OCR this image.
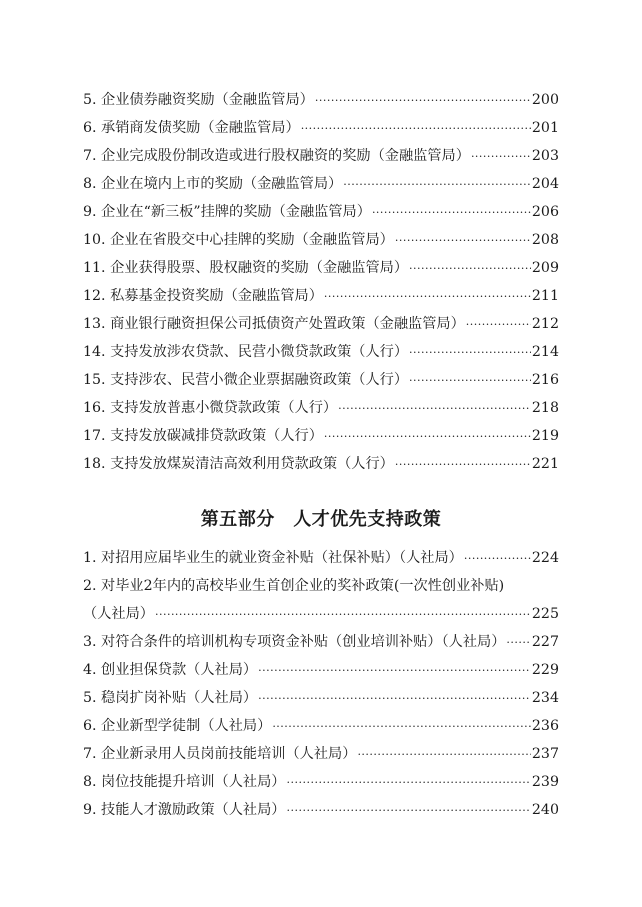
5. 企业债券融资奖励（金融监管局） .....	200
6. 承销商发债奖励（金融监管局） .....	201
7. 企业完成股份制改造或进行股权融资的奖励（金融监管局） .....	203
8. 企业在境内上市的奖励（金融监管局） .....	204
9. 企业在“新三板”挂牌的奖励（金融监管局） .....	206
10. 企业在省股交中心挂牌的奖励（金融监管局） .....	208
11. 企业获得股票、股权融资的奖励（金融监管局） .....	209
12. 私募基金投资奖励（金融监管局） .....	211
13. 商业银行融资担保公司抵债资产处置政策（金融监管局） .....	212
14. 支持发放涉农贷款、民营小微贷款政策（人行） .....	214
15. 支持涉农、民营小微企业票据融资政策（人行） .....	216
16. 支持发放普惠小微贷款政策（人行） .....	218
17. 支持发放碳减排贷款政策（人行） .....	219
18. 支持发放煤炭清洁高效利用贷款政策（人行） .....	221
第五部分　人才优先支持政策
1. 对招用应届毕业生的就业资金补贴（社保补贴）（人社局） .....	224
2. 对毕业2年内的高校毕业生首创企业的奖补政策(一次性创业补贴)
（人社局） .....	225
3. 对符合条件的培训机构专项资金补贴（创业培训补贴）（人社局） ..... 227
4. 创业担保贷款（人社局） .....	229
5. 稳岗扩岗补贴（人社局） .....	234
6. 企业新型学徒制（人社局） .....	236
7. 企业新录用人员岗前技能培训（人社局） .....	237
8. 岗位技能提升培训（人社局） .....	239
9. 技能人才激励政策（人社局） .....	240
